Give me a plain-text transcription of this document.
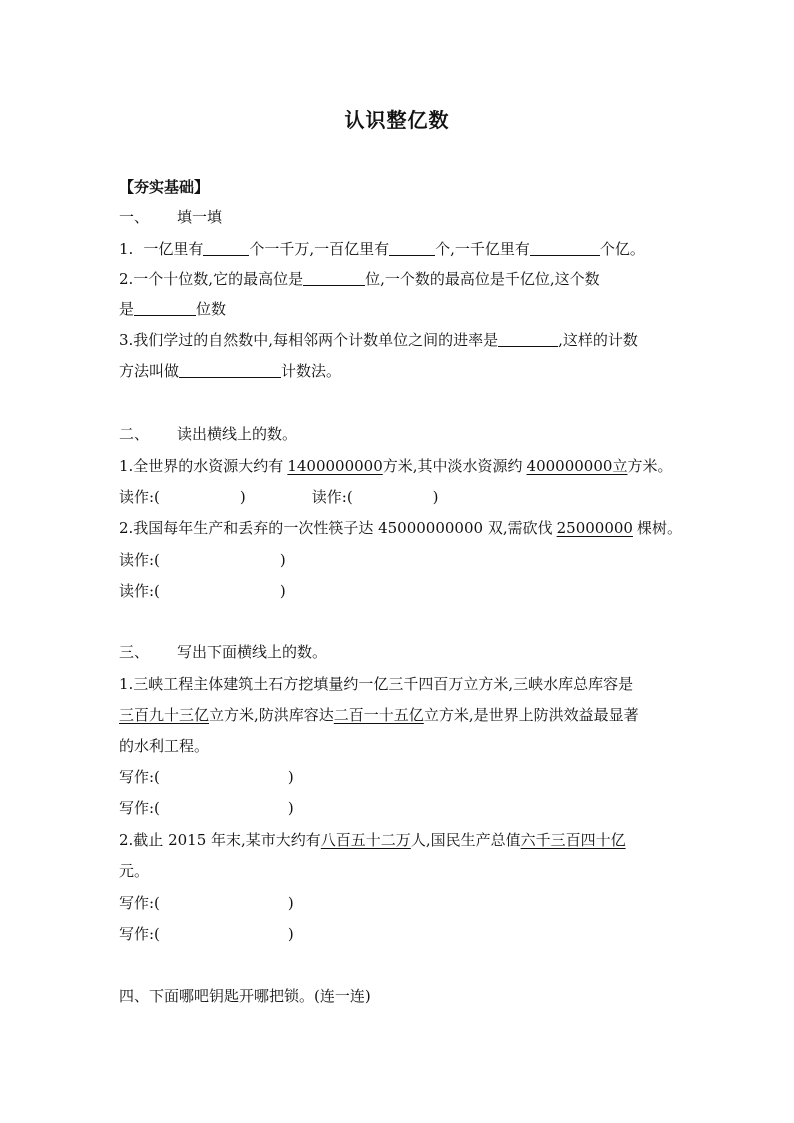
认识整亿数
【夯实基础】
一、 填一填
1. 一亿里有	个一千万,一百亿里有	个,一千亿里有	个亿。
2.一个十位数,它的最高位是	位,一个数的最高位是千亿位,这个数
是	位数
3.我们学过的自然数中,每相邻两个计数单位之间的进率是	,这样的计数
方法叫做	计数法。
二、 读出横线上的数。
1.全世界的水资源大约有 1400000000方米,其中淡水资源约 400000000立方米。
读作:(	)	读作:(	)
2.我国每年生产和丢弃的一次性筷子达 45000000000 双,需砍伐 25000000 棵树。
读作:(	)
读作:(	)
三、 写出下面横线上的数。
1.三峡工程主体建筑土石方挖填量约一亿三千四百万立方米,三峡水库总库容是
三百九十三亿立方米,防洪库容达二百一十五亿立方米,是世界上防洪效益最显著
的水利工程。
写作:(	)
写作:(	)
2.截止 2015 年末,某市大约有八百五十二万人,国民生产总值六千三百四十亿
元。
写作:(	)
写作:(	)
四、下面哪吧钥匙开哪把锁。(连一连)
